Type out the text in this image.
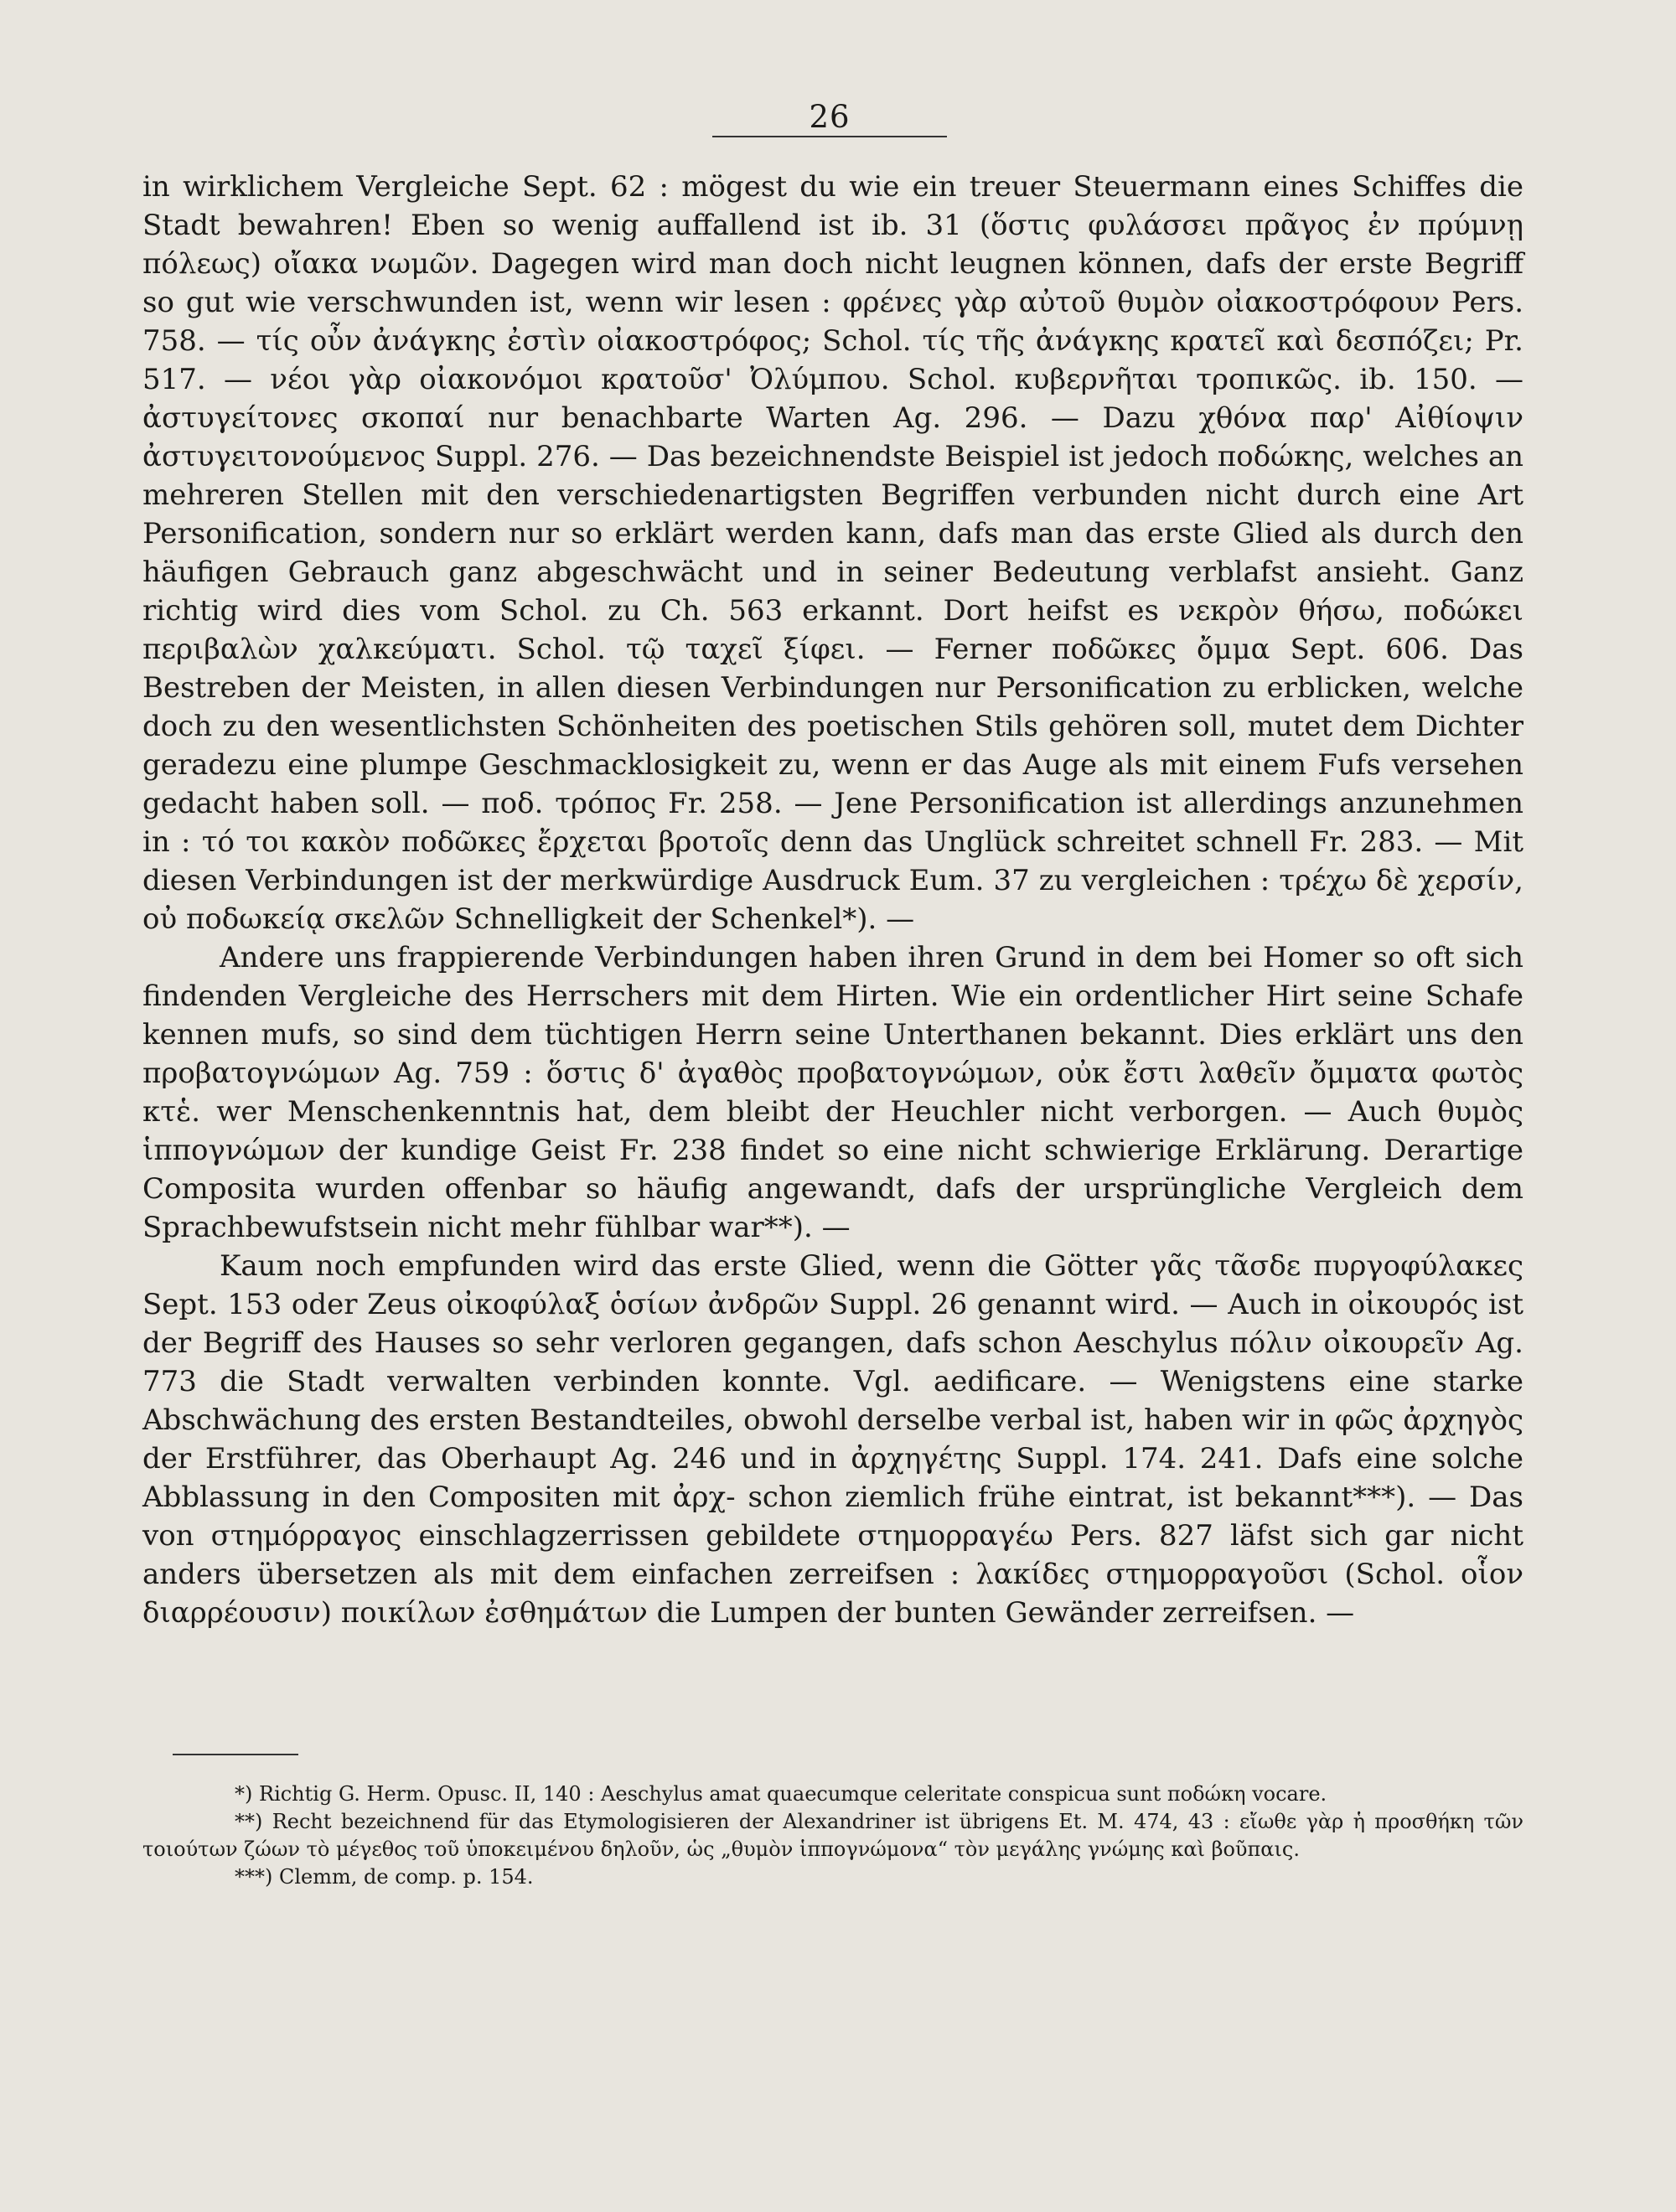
26

in wirklichem Vergleiche Sept. 62 : mögest du wie ein treuer Steuermann eines Schiffes die Stadt bewahren! Eben so wenig auffallend ist ib. 31 (ὅστις φυλάσσει πρᾶγος ἐν πρύμνῃ πόλεως) οἴακα νωμῶν. Dagegen wird man doch nicht leugnen können, dafs der erste Begriff so gut wie verschwunden ist, wenn wir lesen : φρένες γὰρ αὐτοῦ θυμὸν οἰακοστρόφουν Pers. 758. — τίς οὖν ἀνάγκης ἐστὶν οἰακοστρόφος; Schol. τίς τῆς ἀνάγκης κρατεῖ καὶ δεσπόζει; Pr. 517. — νέοι γὰρ οἰακονόμοι κρατοῦσ' Ὀλύμπου. Schol. κυβερνῆται τροπικῶς. ib. 150. — ἀστυγείτονες σκοπαί nur benachbarte Warten Ag. 296. — Dazu χθόνα παρ' Αἰθίοψιν ἀστυγειτονούμενος Suppl. 276. — Das bezeichnendste Beispiel ist jedoch ποδώκης, welches an mehreren Stellen mit den verschiedenartigsten Begriffen verbunden nicht durch eine Art Personification, sondern nur so erklärt werden kann, dafs man das erste Glied als durch den häufigen Gebrauch ganz abgeschwächt und in seiner Bedeutung verblafst ansieht. Ganz richtig wird dies vom Schol. zu Ch. 563 erkannt. Dort heifst es νεκρὸν θήσω, ποδώκει περιβαλὼν χαλκεύματι. Schol. τῷ ταχεῖ ξίφει. — Ferner ποδῶκες ὄμμα Sept. 606. Das Bestreben der Meisten, in allen diesen Verbindungen nur Personification zu erblicken, welche doch zu den wesentlichsten Schönheiten des poetischen Stils gehören soll, mutet dem Dichter geradezu eine plumpe Geschmacklosigkeit zu, wenn er das Auge als mit einem Fufs versehen gedacht haben soll. — ποδ. τρόπος Fr. 258. — Jene Personification ist allerdings anzunehmen in : τό τοι κακὸν ποδῶκες ἔρχεται βροτοῖς denn das Unglück schreitet schnell Fr. 283. — Mit diesen Verbindungen ist der merkwürdige Ausdruck Eum. 37 zu vergleichen : τρέχω δὲ χερσίν, οὐ ποδωκείᾳ σκελῶν Schnelligkeit der Schenkel*). —

Andere uns frappierende Verbindungen haben ihren Grund in dem bei Homer so oft sich findenden Vergleiche des Herrschers mit dem Hirten. Wie ein ordentlicher Hirt seine Schafe kennen mufs, so sind dem tüchtigen Herrn seine Unterthanen bekannt. Dies erklärt uns den προβατογνώμων Ag. 759 : ὅστις δ' ἀγαθὸς προβατογνώμων, οὐκ ἔστι λαθεῖν ὄμματα φωτὸς κτἑ. wer Menschenkenntnis hat, dem bleibt der Heuchler nicht verborgen. — Auch θυμὸς ἱππογνώμων der kundige Geist Fr. 238 findet so eine nicht schwierige Erklärung. Derartige Composita wurden offenbar so häufig angewandt, dafs der ursprüngliche Vergleich dem Sprachbewufstsein nicht mehr fühlbar war**). —

Kaum noch empfunden wird das erste Glied, wenn die Götter γᾶς τᾶσδε πυργοφύλακες Sept. 153 oder Zeus οἰκοφύλαξ ὁσίων ἀνδρῶν Suppl. 26 genannt wird. — Auch in οἰκουρός ist der Begriff des Hauses so sehr verloren gegangen, dafs schon Aeschylus πόλιν οἰκουρεῖν Ag. 773 die Stadt verwalten verbinden konnte. Vgl. aedificare. — Wenigstens eine starke Abschwächung des ersten Bestandteiles, obwohl derselbe verbal ist, haben wir in φῶς ἀρχηγὸς der Erstführer, das Oberhaupt Ag. 246 und in ἀρχηγέτης Suppl. 174. 241. Dafs eine solche Abblassung in den Compositen mit ἀρχ- schon ziemlich frühe eintrat, ist bekannt***). — Das von στημόρραγος einschlagzerrissen gebildete στημορραγέω Pers. 827 läfst sich gar nicht anders übersetzen als mit dem einfachen zerreifsen : λακίδες στημορραγοῦσι (Schol. οἷον διαρρέουσιν) ποικίλων ἐσθημάτων die Lumpen der bunten Gewänder zerreifsen. —

*) Richtig G. Herm. Opusc. II, 140 : Aeschylus amat quaecumque celeritate conspicua sunt ποδώκη vocare.

**) Recht bezeichnend für das Etymologisieren der Alexandriner ist übrigens Et. M. 474, 43 : εἴωθε γὰρ ἡ προσθήκη τῶν τοιούτων ζώων τὸ μέγεθος τοῦ ὑποκειμένου δηλοῦν, ὡς „θυμὸν ἱππογνώμονα“ τὸν μεγάλης γνώμης καὶ βοῦπαις.

***) Clemm, de comp. p. 154.
